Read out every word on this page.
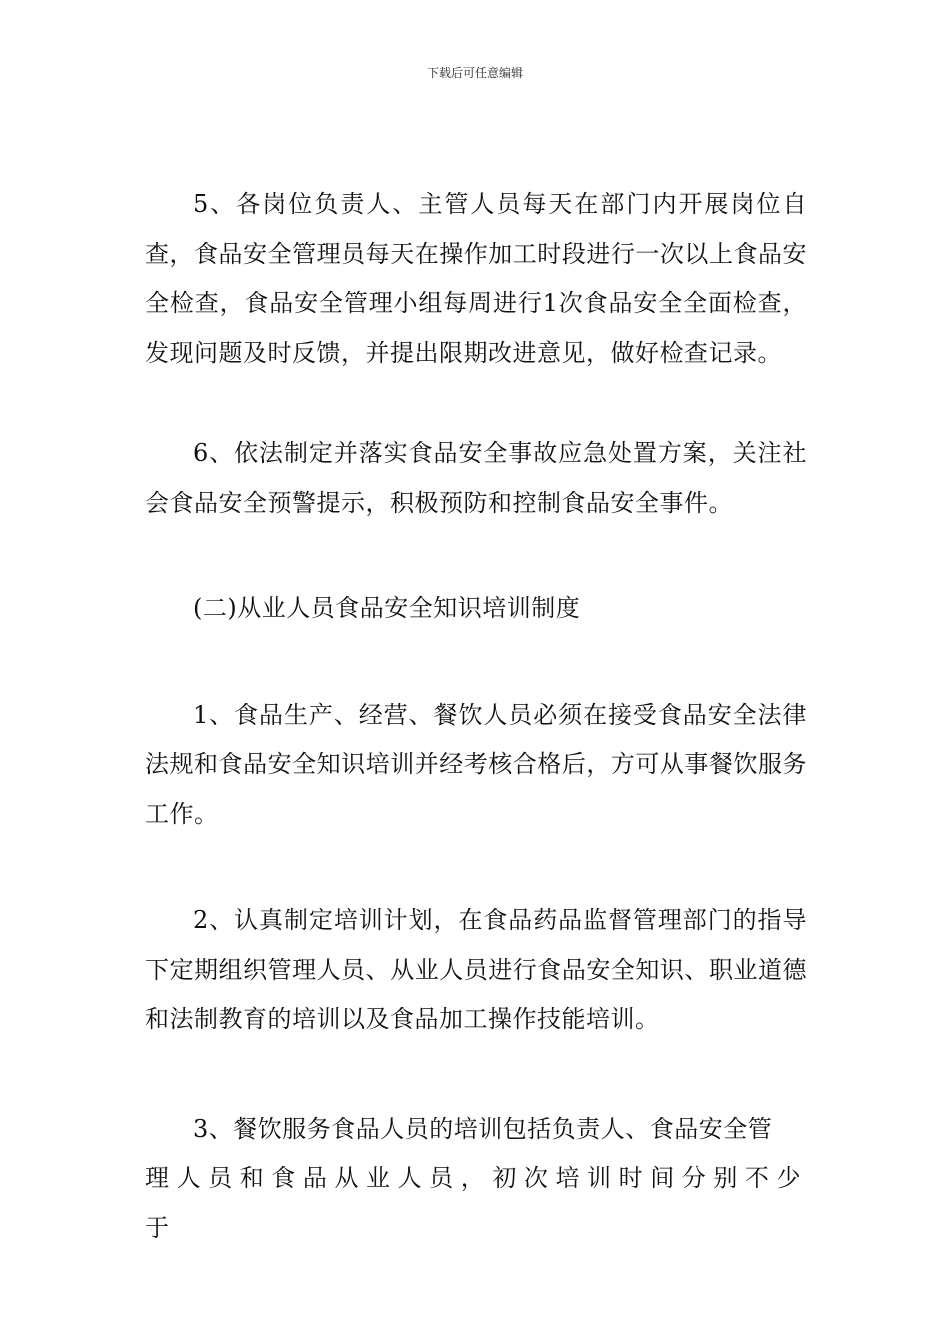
下载后可任意编辑

5、各岗位负责人、主管人员每天在部门内开展岗位自查，食品安全管理员每天在操作加工时段进行一次以上食品安全检查，食品安全管理小组每周进行1次食品安全全面检查，发现问题及时反馈，并提出限期改进意见，做好检查记录。

6、依法制定并落实食品安全事故应急处置方案，关注社会食品安全预警提示，积极预防和控制食品安全事件。

(二)从业人员食品安全知识培训制度

1、食品生产、经营、餐饮人员必须在接受食品安全法律法规和食品安全知识培训并经考核合格后，方可从事餐饮服务工作。

2、认真制定培训计划，在食品药品监督管理部门的指导下定期组织管理人员、从业人员进行食品安全知识、职业道德和法制教育的培训以及食品加工操作技能培训。

3、餐饮服务食品人员的培训包括负责人、食品安全管
理人员和食品从业人员，初次培训时间分别不少于
